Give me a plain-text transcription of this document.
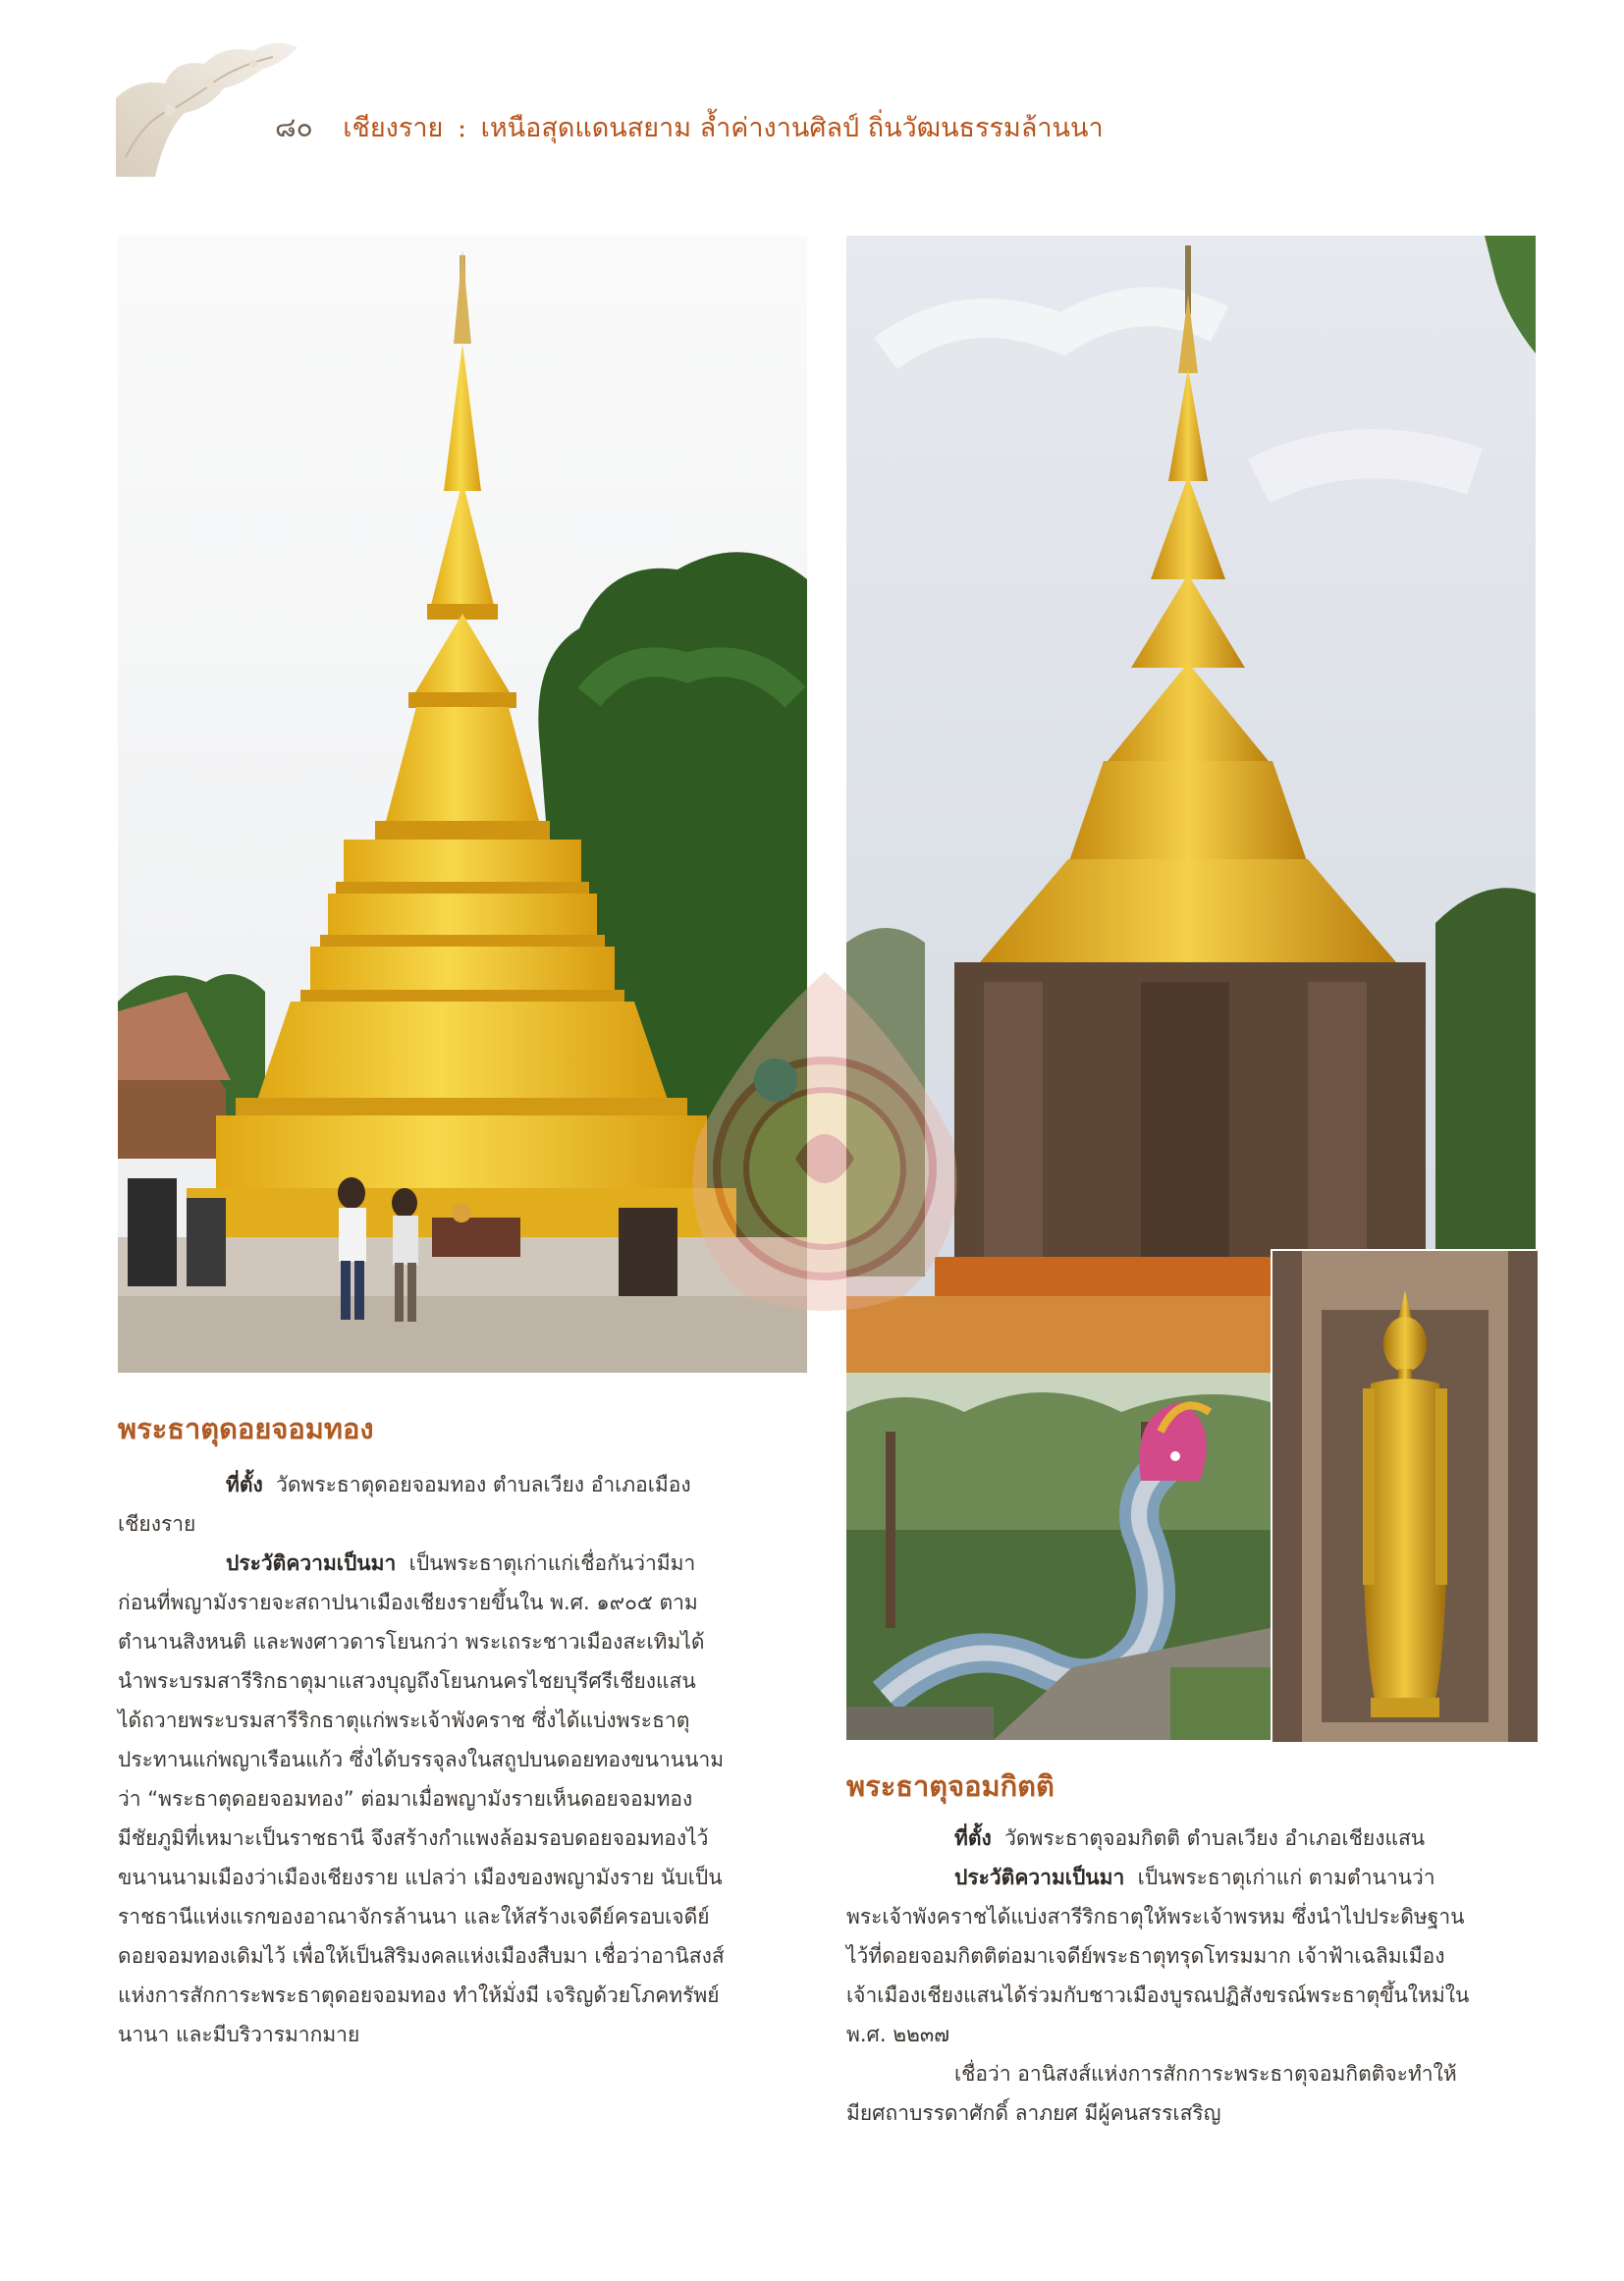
๘๐ เชียงราย : เหนือสุดแดนสยาม ล้ำค่างานศิลป์ ถิ่นวัฒนธรรมล้านนา
พระธาตุดอยจอมทอง
ที่ตั้ง วัดพระธาตุดอยจอมทอง ตำบลเวียง อำเภอเมือง
เชียงราย
ประวัติความเป็นมา เป็นพระธาตุเก่าแก่เชื่อกันว่ามีมา
ก่อนที่พญามังรายจะสถาปนาเมืองเชียงรายขึ้นใน พ.ศ. ๑๙๐๕ ตาม
ตำนานสิงหนติ และพงศาวดารโยนกว่า พระเถระชาวเมืองสะเทิมได้
นำพระบรมสารีริกธาตุมาแสวงบุญถึงโยนกนครไชยบุรีศรีเชียงแสน
ได้ถวายพระบรมสารีริกธาตุแก่พระเจ้าพังคราช ซึ่งได้แบ่งพระธาตุ
ประทานแก่พญาเรือนแก้ว ซึ่งได้บรรจุลงในสถูปบนดอยทองขนานนาม
ว่า “พระธาตุดอยจอมทอง” ต่อมาเมื่อพญามังรายเห็นดอยจอมทอง
มีชัยภูมิที่เหมาะเป็นราชธานี จึงสร้างกำแพงล้อมรอบดอยจอมทองไว้
ขนานนามเมืองว่าเมืองเชียงราย แปลว่า เมืองของพญามังราย นับเป็น
ราชธานีแห่งแรกของอาณาจักรล้านนา และให้สร้างเจดีย์ครอบเจดีย์
ดอยจอมทองเดิมไว้ เพื่อให้เป็นสิริมงคลแห่งเมืองสืบมา เชื่อว่าอานิสงส์
แห่งการสักการะพระธาตุดอยจอมทอง ทำให้มั่งมี เจริญด้วยโภคทรัพย์
นานา และมีบริวารมากมาย
พระธาตุจอมกิตติ
ที่ตั้ง วัดพระธาตุจอมกิตติ ตำบลเวียง อำเภอเชียงแสน
ประวัติความเป็นมา เป็นพระธาตุเก่าแก่ ตามตำนานว่า
พระเจ้าพังคราชได้แบ่งสารีริกธาตุให้พระเจ้าพรหม ซึ่งนำไปประดิษฐาน
ไว้ที่ดอยจอมกิตติต่อมาเจดีย์พระธาตุทรุดโทรมมาก เจ้าฟ้าเฉลิมเมือง
เจ้าเมืองเชียงแสนได้ร่วมกับชาวเมืองบูรณปฏิสังขรณ์พระธาตุขึ้นใหม่ใน
พ.ศ. ๒๒๓๗
เชื่อว่า อานิสงส์แห่งการสักการะพระธาตุจอมกิตติจะทำให้
มียศถาบรรดาศักดิ์ ลาภยศ มีผู้คนสรรเสริญ
